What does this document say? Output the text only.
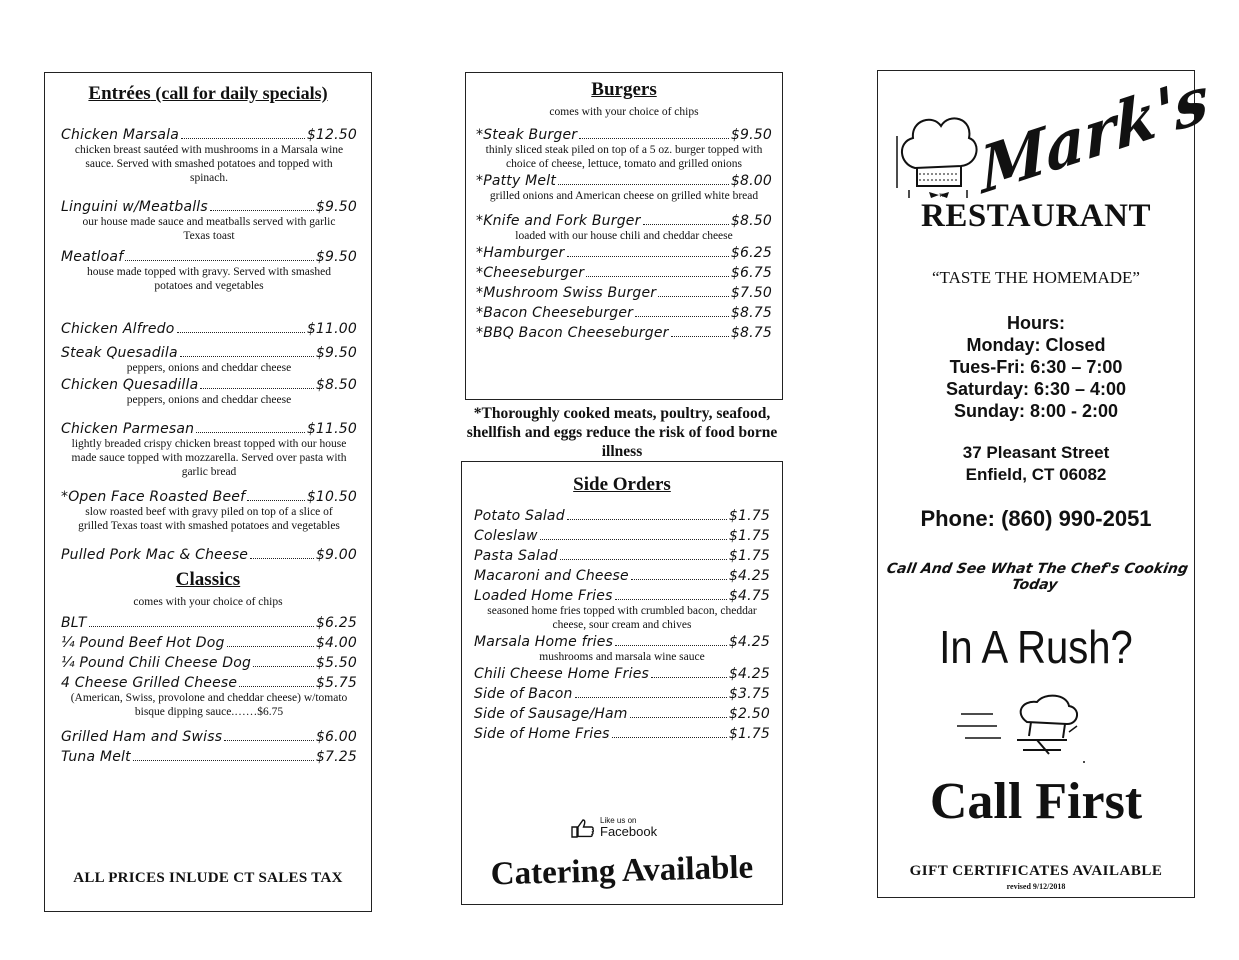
Entrées (call for daily specials)
Chicken Marsala	$12.50
chicken breast sautéed with mushrooms in a Marsala wine sauce. Served with smashed potatoes and topped with spinach.
Linguini w/Meatballs	$9.50
our house made sauce and meatballs served with garlic Texas toast
Meatloaf	$9.50
house made topped with gravy. Served with smashed potatoes and vegetables
Chicken Alfredo	$11.00
Steak Quesadila	$9.50
peppers, onions and cheddar cheese
Chicken Quesadilla	$8.50
peppers, onions and cheddar cheese
Chicken Parmesan	$11.50
lightly breaded crispy chicken breast topped with our house made sauce topped with mozzarella. Served over pasta with garlic bread
*Open Face Roasted Beef	$10.50
slow roasted beef with gravy piled on top of a slice of grilled Texas toast with smashed potatoes and vegetables
Pulled Pork Mac & Cheese	$9.00
Classics
comes with your choice of chips
BLT	$6.25
¼ Pound Beef Hot Dog	$4.00
¼ Pound Chili Cheese Dog	$5.50
4 Cheese Grilled Cheese	$5.75
(American, Swiss, provolone and cheddar cheese) w/tomato bisque dipping sauce.……$6.75
Grilled Ham and Swiss	$6.00
Tuna Melt	$7.25
ALL PRICES INLUDE CT SALES TAX
Burgers
comes with your choice of chips
*Steak Burger	$9.50
thinly sliced steak piled on top of a 5 oz. burger topped with choice of cheese, lettuce, tomato and grilled onions
*Patty Melt	$8.00
grilled onions and American cheese on grilled white bread
*Knife and Fork Burger	$8.50
loaded with our house chili and cheddar cheese
*Hamburger	$6.25
*Cheeseburger	$6.75
*Mushroom Swiss Burger	$7.50
*Bacon Cheeseburger	$8.75
*BBQ Bacon Cheeseburger	$8.75
*Thoroughly cooked meats, poultry, seafood, shellfish and eggs reduce the risk of food borne illness
Side Orders
Potato Salad	$1.75
Coleslaw	$1.75
Pasta Salad	$1.75
Macaroni and Cheese	$4.25
Loaded Home Fries	$4.75
seasoned home fries topped with crumbled bacon, cheddar cheese, sour cream and chives
Marsala Home fries	$4.25
mushrooms and marsala wine sauce
Chili Cheese Home Fries	$4.25
Side of Bacon	$3.75
Side of Sausage/Ham	$2.50
Side of Home Fries	$1.75
Like us on
Facebook
Catering Available
Mark's
TM
RESTAURANT
“TASTE THE HOMEMADE”
Hours:
Monday: Closed
Tues-Fri: 6:30 – 7:00
Saturday: 6:30 – 4:00
Sunday: 8:00 - 2:00
37 Pleasant Street
Enfield, CT 06082
Phone: (860) 990-2051
Call And See What The Chef's Cooking Today
In A Rush?
Call First
GIFT CERTIFICATES AVAILABLE
revised 9/12/2018
